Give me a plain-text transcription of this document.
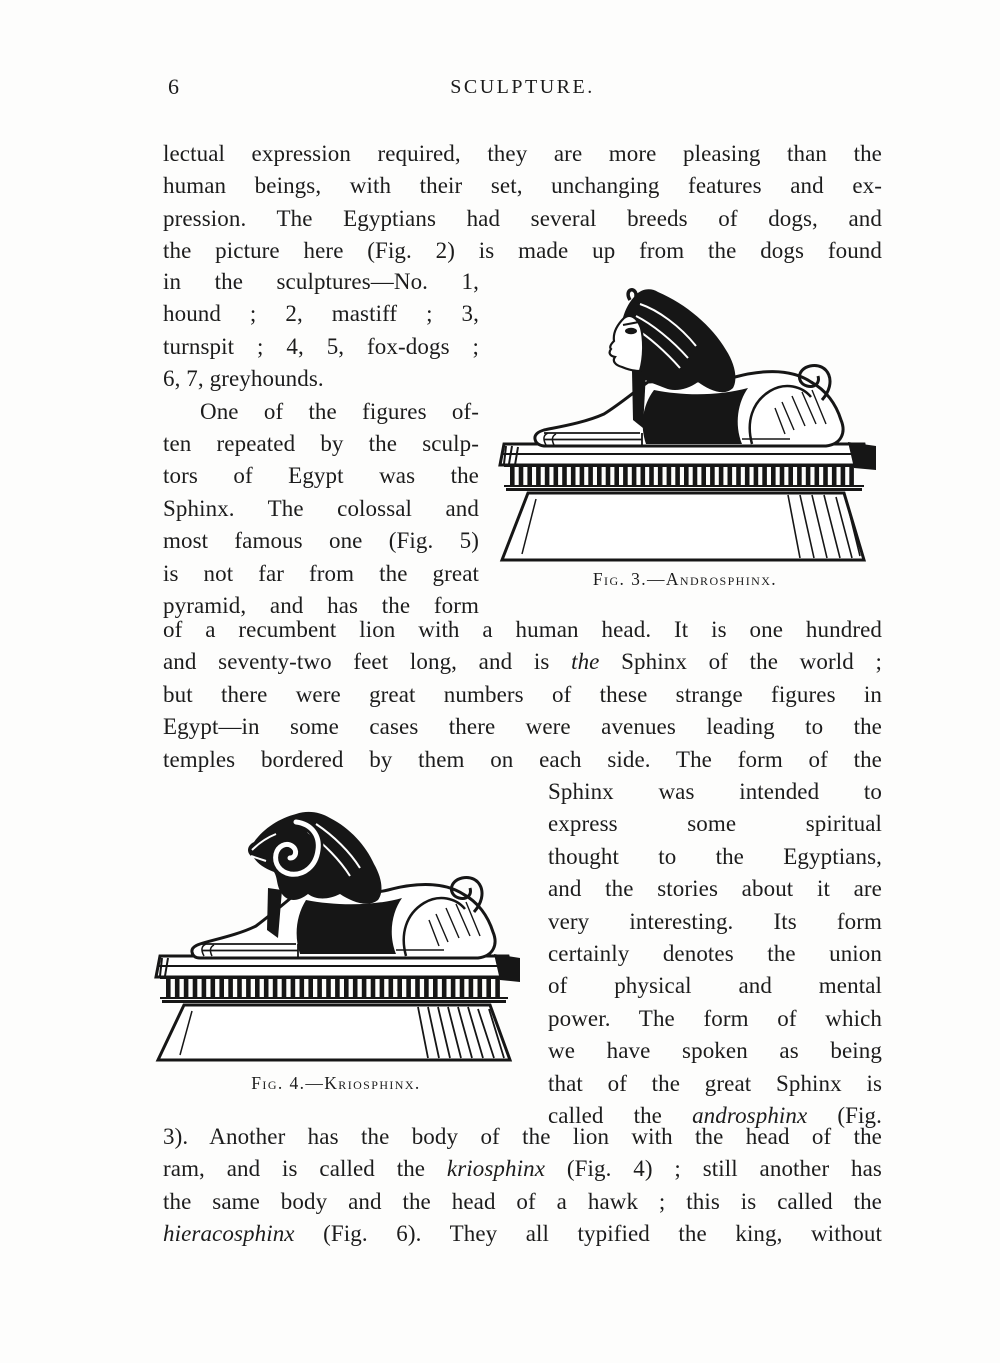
6	SCULPTURE.
lectual expression required, they are more pleasing than the
human beings, with their set, unchanging features and ex-
pression. The Egyptians had several breeds of dogs, and
the picture here (Fig. 2) is made up from the dogs found
in the sculptures—No. 1,
hound ; 2, mastiff ; 3,
turnspit ; 4, 5, fox-dogs ;
6, 7, greyhounds.
One of the figures of-
ten repeated by the sculp-
tors of Egypt was the
Sphinx. The colossal and
most famous one (Fig. 5)
is not far from the great
pyramid, and has the form
of a recumbent lion with a human head. It is one hundred
and seventy-two feet long, and is the Sphinx of the world ;
but there were great numbers of these strange figures in
Egypt—in some cases there were avenues leading to the
temples bordered by them on each side. The form of the
Sphinx was intended to
express some spiritual
thought to the Egyptians,
and the stories about it are
very interesting. Its form
certainly denotes the union
of physical and mental
power. The form of which
we have spoken as being
that of the great Sphinx is
called the androsphinx (Fig.
3). Another has the body of the lion with the head of the
ram, and is called the kriosphinx (Fig. 4) ; still another has
the same body and the head of a hawk ; this is called the
hieracosphinx (Fig. 6). They all typified the king, without
Fig. 3.—Androsphinx.
Fig. 4.—Kriosphinx.
